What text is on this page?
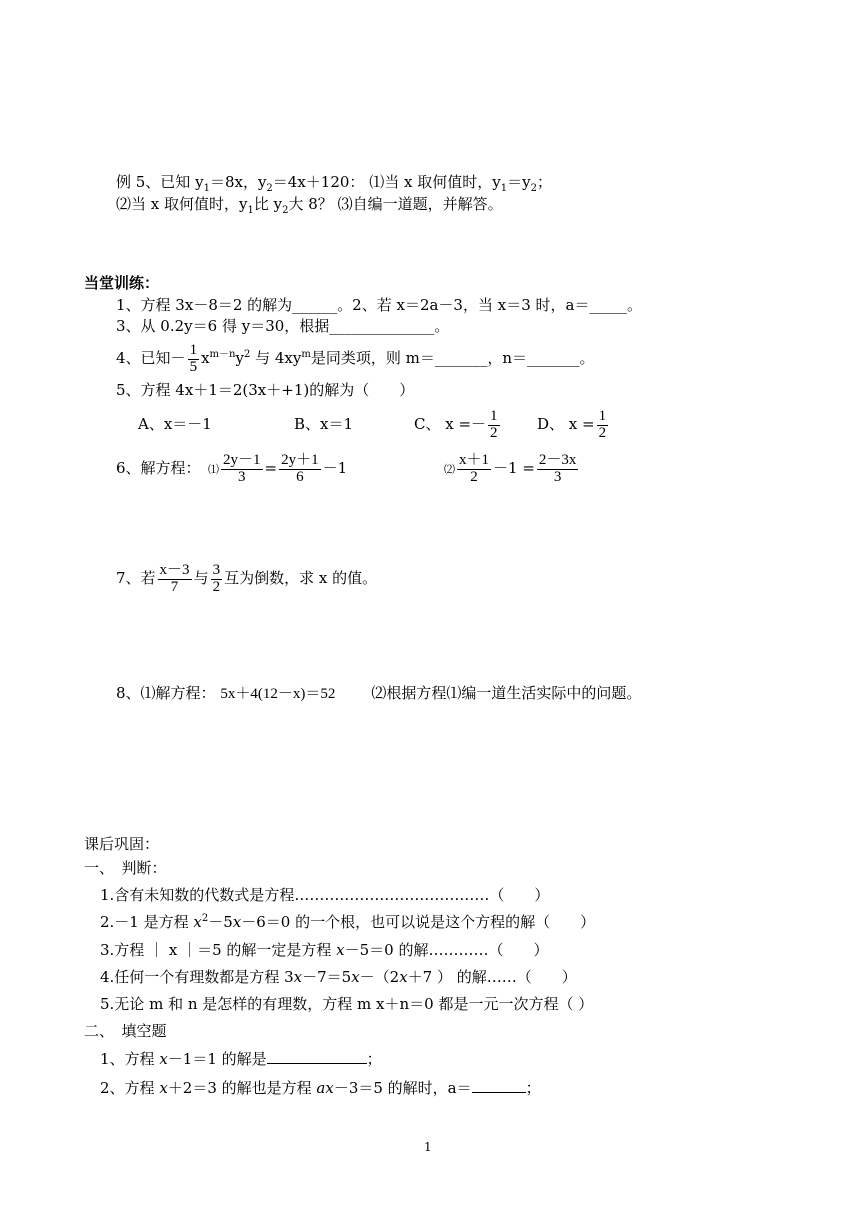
例 5、已知 $y_1=8x$，$y_2=4x+120$： ⑴当 x 取何值时，$y_1=y_2$；
⑵当 x 取何值时，$y_1$比 $y_2$大 8？ ⑶自编一道题，并解答。
当堂训练：
1、方程 3x－8＝2 的解为______。2、若 x＝2a－3，当 x＝3 时，a＝_____。
3、从 0.2y＝6 得 y＝30，根据______________。
4、已知－ $\frac{1}{5} x^{m-n}y^2$ 与 $4xy^m$是同类项，则 m＝_______，n＝_______。
5、方程 4x＋1＝2(3x＋+1)的解为（　　）
A、x＝－1	B、x＝1	C、 $x =- \frac{1}{2}$ D、 $x = \frac{1}{2}$
6、解方程： ⑴ $\frac{2y-1}{3} = \frac{2y+1}{6} -1$	⑵ $\frac{x+1}{2} -1 = \frac{2-3x}{3}$
7、若 $\frac{x-3}{7}$ 与 $\frac{3}{2}$ 互为倒数，求 x 的值。
8、⑴解方程： 5x＋4(12－x)＝52 ⑵根据方程⑴编一道生活实际中的问题。
课后巩固：
一、　判断：
1.含有未知数的代数式是方程…………………………………（　　）
2.－1 是方程 $x^2-5x-6=0$ 的一个根，也可以说是这个方程的解（　　）
3.方程 ｜ x ｜＝5 的解一定是方程 x－5＝0 的解…………（　　）
4.任何一个有理数都是方程 3x－7＝5x－（2x＋7 ） 的解……（　　）
5.无论 m 和 n 是怎样的有理数，方程 m x＋n＝0 都是一元一次方程（ ）
二、　填空题
1、方程 x－1＝1 的解是	；
2、方程 x＋2＝3 的解也是方程 ax－3＝5 的解时，a＝	；
1
